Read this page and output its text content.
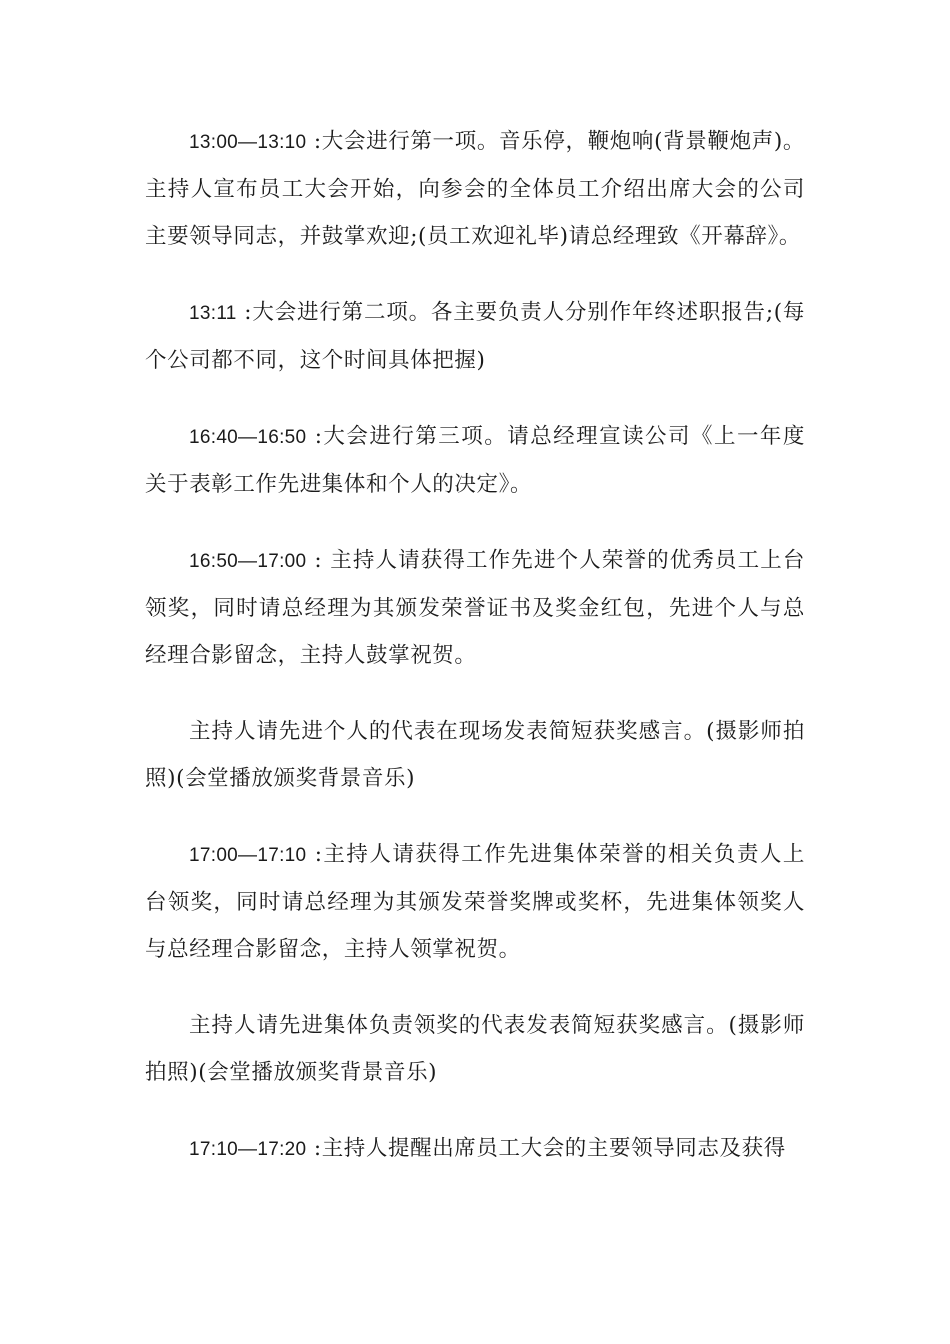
13:00—13:10 :大会进行第一项。音乐停，鞭炮响(背景鞭炮声)。主持人宣布员工大会开始，向参会的全体员工介绍出席大会的公司主要领导同志，并鼓掌欢迎;(员工欢迎礼毕)请总经理致《开幕辞》。

13:11 :大会进行第二项。各主要负责人分别作年终述职报告;(每个公司都不同，这个时间具体把握)

16:40—16:50 :大会进行第三项。请总经理宣读公司《上一年度关于表彰工作先进集体和个人的决定》。

16:50—17:00 : 主持人请获得工作先进个人荣誉的优秀员工上台领奖，同时请总经理为其颁发荣誉证书及奖金红包，先进个人与总经理合影留念，主持人鼓掌祝贺。

主持人请先进个人的代表在现场发表简短获奖感言。(摄影师拍照)(会堂播放颁奖背景音乐)

17:00—17:10 :主持人请获得工作先进集体荣誉的相关负责人上台领奖，同时请总经理为其颁发荣誉奖牌或奖杯，先进集体领奖人与总经理合影留念，主持人领掌祝贺。

主持人请先进集体负责领奖的代表发表简短获奖感言。(摄影师拍照)(会堂播放颁奖背景音乐)

17:10—17:20 :主持人提醒出席员工大会的主要领导同志及获得
